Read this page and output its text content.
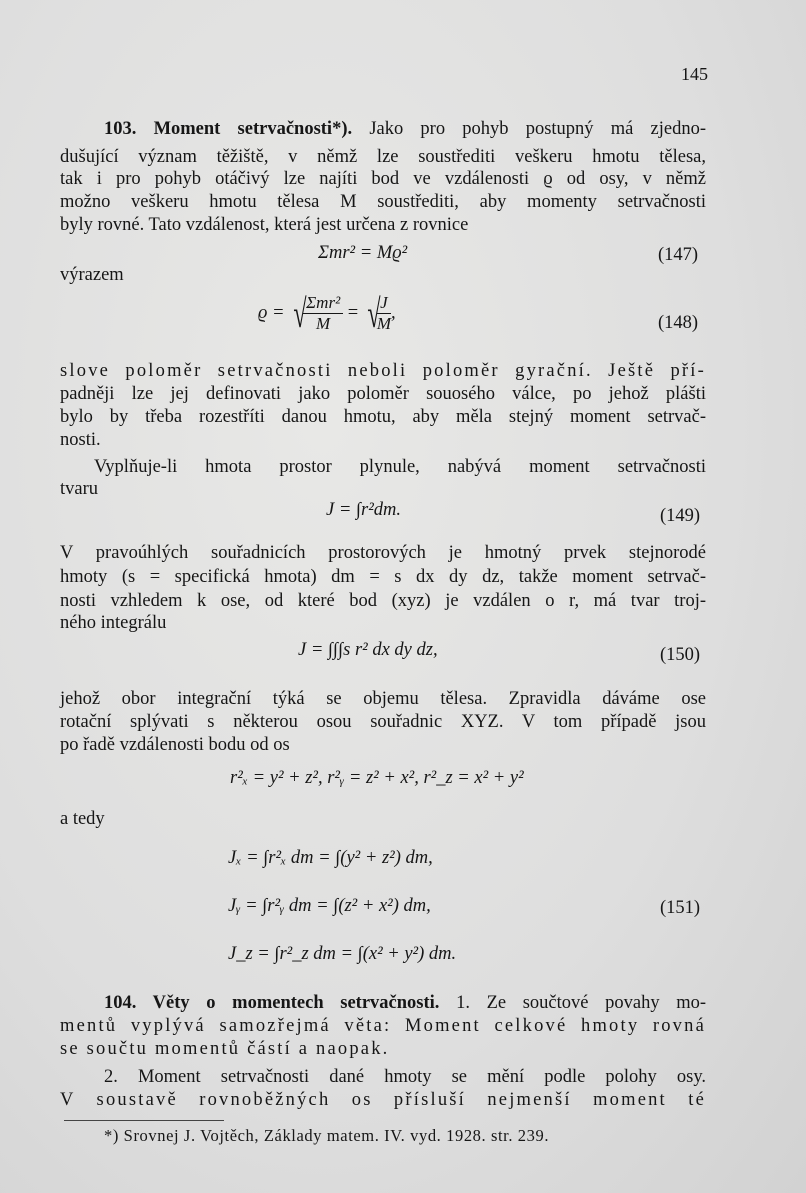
145
103. Moment setrvačnosti*). Jako pro pohyb postupný má zjedno-
dušující význam těžiště, v němž lze soustřediti veškeru hmotu tělesa,
tak i pro pohyb otáčivý lze najíti bod ve vzdálenosti ϱ od osy, v němž
možno veškeru hmotu tělesa M soustřediti, aby momenty setrvačnosti
byly rovné. Tato vzdálenost, která jest určena z rovnice
Σmr² = Mϱ²	(147)
výrazem
ϱ = √
$\frac{\text{Σmr²}}{M}$ = √
$\frac{J}{M}$ ,
(148)
slove poloměr setrvačnosti neboli poloměr gyrační. Ještě pří-
padněji lze jej definovati jako poloměr souosého válce, po jehož plášti
bylo by třeba rozestříti danou hmotu, aby měla stejný moment setrvač-
nosti.
Vyplňuje-li hmota prostor plynule, nabývá moment setrvačnosti
tvaru
J = ∫r²dm.	(149)
V pravoúhlých souřadnicích prostorových je hmotný prvek stejnorodé
hmoty (s = specifická hmota) dm = s dx dy dz, takže moment setrvač-
nosti vzhledem k ose, od které bod (xyz) je vzdálen o r, má tvar troj-
ného integrálu
J = ∫∫∫s r² dx dy dz,	(150)
jehož obor integrační týká se objemu tělesa. Zpravidla dáváme ose
rotační splývati s některou osou souřadnic XYZ. V tom případě jsou
po řadě vzdálenosti bodu od os
r²ₓ = y² + z², r²ᵧ = z² + x², r²_z = x² + y²
a tedy
Jₓ = ∫r²ₓ dm = ∫(y² + z²) dm,
Jᵧ = ∫r²ᵧ dm = ∫(z² + x²) dm,
J_z = ∫r²_z dm = ∫(x² + y²) dm.
(151)
104. Věty o momentech setrvačnosti. 1. Ze součtové povahy mo-
mentů vyplývá samozřejmá věta: Moment celkové hmoty rovná
se součtu momentů částí a naopak.
2. Moment setrvačnosti dané hmoty se mění podle polohy osy.
V soustavě rovnoběžných os přísluší nejmenší moment té
*) Srovnej J. Vojtěch, Základy matem. IV. vyd. 1928. str. 239.
